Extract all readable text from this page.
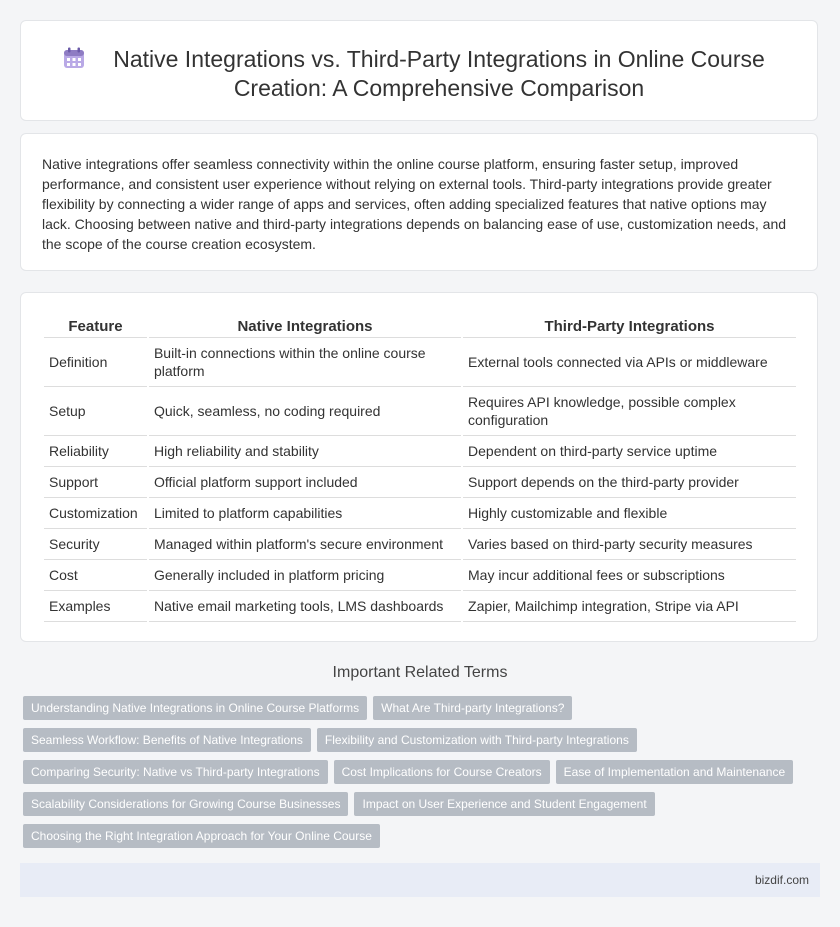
Native Integrations vs. Third-Party Integrations in Online Course Creation: A Comprehensive Comparison

Native integrations offer seamless connectivity within the online course platform, ensuring faster setup, improved performance, and consistent user experience without relying on external tools. Third-party integrations provide greater flexibility by connecting a wider range of apps and services, often adding specialized features that native options may lack. Choosing between native and third-party integrations depends on balancing ease of use, customization needs, and the scope of the course creation ecosystem.

Feature	Native Integrations	Third-Party Integrations
Definition	Built-in connections within the online course platform	External tools connected via APIs or middleware
Setup	Quick, seamless, no coding required	Requires API knowledge, possible complex configuration
Reliability	High reliability and stability	Dependent on third-party service uptime
Support	Official platform support included	Support depends on the third-party provider
Customization	Limited to platform capabilities	Highly customizable and flexible
Security	Managed within platform's secure environment	Varies based on third-party security measures
Cost	Generally included in platform pricing	May incur additional fees or subscriptions
Examples	Native email marketing tools, LMS dashboards	Zapier, Mailchimp integration, Stripe via API
Important Related Terms
Understanding Native Integrations in Online Course Platforms What Are Third-party Integrations?
Seamless Workflow: Benefits of Native Integrations Flexibility and Customization with Third-party Integrations
Comparing Security: Native vs Third-party Integrations Cost Implications for Course Creators Ease of Implementation and Maintenance
Scalability Considerations for Growing Course Businesses Impact on User Experience and Student Engagement
Choosing the Right Integration Approach for Your Online Course
bizdif.com
